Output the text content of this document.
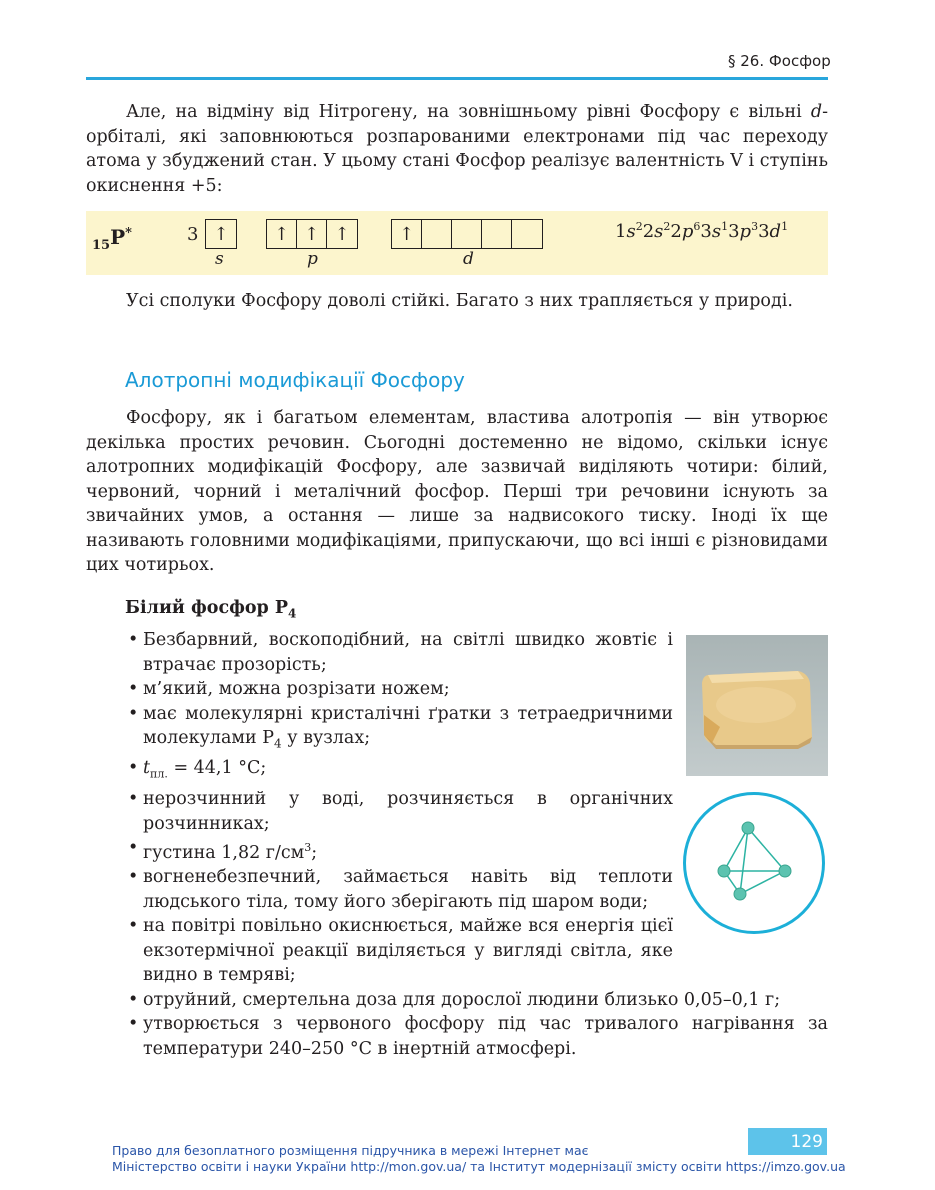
§ 26. Фосфор
Але, на відміну від Нітрогену, на зовнішньому рівні Фосфору є вільні d-орбіталі, які заповнюються розпарованими електронами під час переходу атома у збуджений стан. У цьому стані Фосфор реалізує валентність V і ступінь окиснення +5:
$_{15}$P*	3 ↑	↑ ↑ ↑	↑
s	p	d
$1s^22s^22p^63s^13p^33d^1$
Усі сполуки Фосфору доволі стійкі. Багато з них трапляється у природі.
Алотропні модифікації Фосфору
Фосфору, як і багатьом елементам, властива алотропія — він утворює декілька простих речовин. Сьогодні достеменно не відомо, скільки існує алотропних модифікацій Фосфору, але зазвичай виділяють чотири: білий, червоний, чорний і металічний фосфор. Перші три речовини існують за звичайних умов, а остання — лише за надвисокого тиску. Іноді їх ще називають головними модифікаціями, припускаючи, що всі інші є різновидами цих чотирьох.
Білий фосфор $P_4$
• Безбарвний, воскоподібний, на світлі швидко жовтіє і втрачає прозорість;
• м’який, можна розрізати ножем;
• має молекулярні кристалічні ґратки з тетраедричними молекулами $P_4$ у вузлах;
• $t_{пл.} = 44,1$ °C;
• нерозчинний у воді, розчиняється в органічних розчинниках;
• густина 1,82 $г/см^3$;
• вогненебезпечний, займається навіть від теплоти людського тіла, тому його зберігають під шаром води;
• на повітрі повільно окиснюється, майже вся енергія цієї екзотермічної реакції виділяється у вигляді світла, яке видно в темряві;
• отруйний, смертельна доза для дорослої людини близько 0,05–0,1 г;
• утворюється з червоного фосфору під час тривалого нагрівання за температури 240–250 °C в інертній атмосфері.
Право для безоплатного розміщення підручника в мережі Інтернет має
Міністерство освіти і науки України http://mon.gov.ua/ та Інститут модернізації змісту освіти https://imzo.gov.ua
129
